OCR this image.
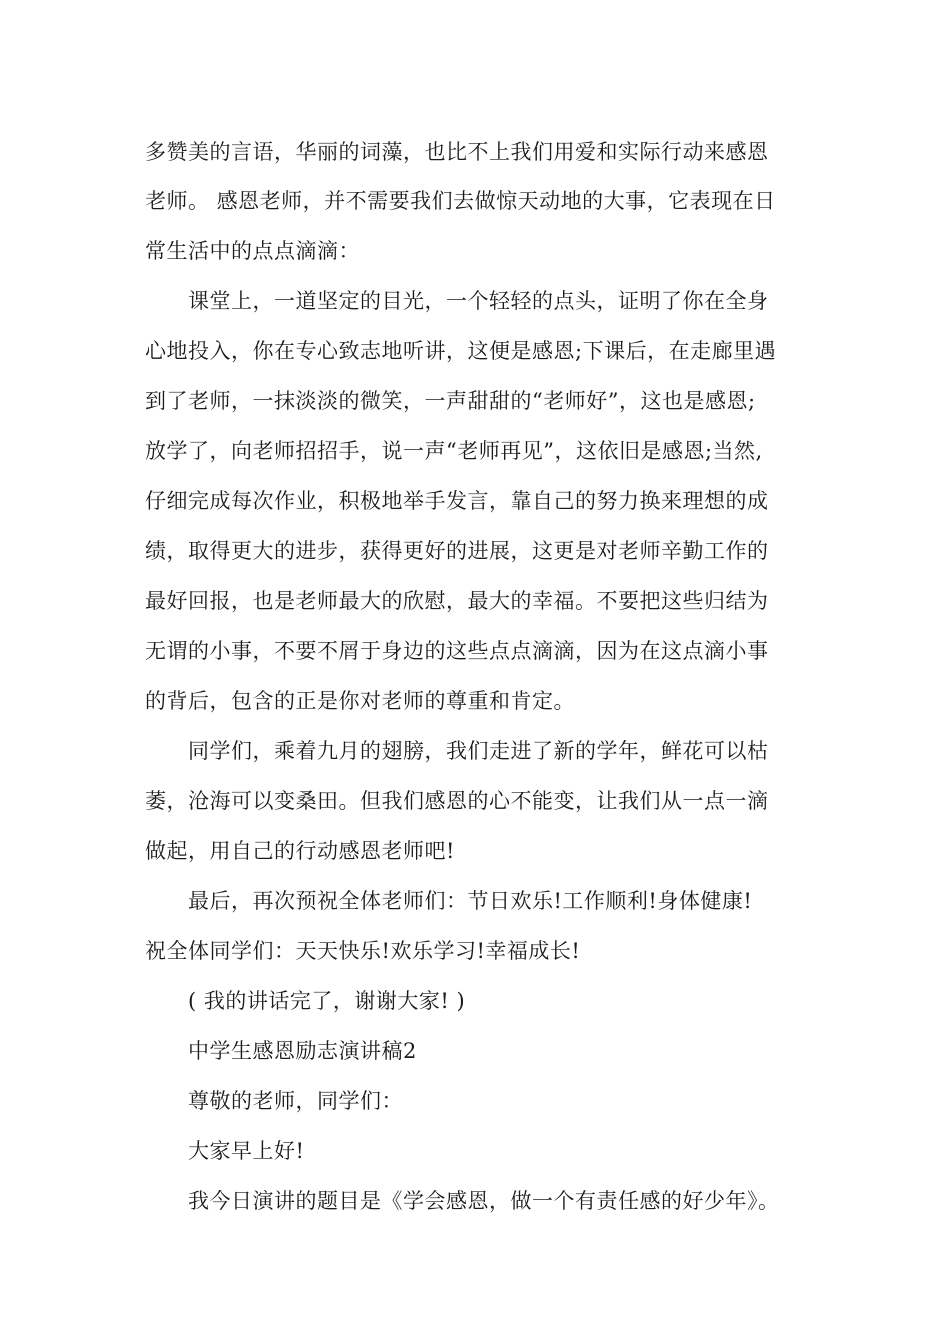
多赞美的言语，华丽的词藻，也比不上我们用爱和实际行动来感恩
老师。 感恩老师，并不需要我们去做惊天动地的大事，它表现在日
常生活中的点点滴滴：
课堂上，一道坚定的目光，一个轻轻的点头，证明了你在全身
心地投入，你在专心致志地听讲，这便是感恩;下课后，在走廊里遇
到了老师，一抹淡淡的微笑，一声甜甜的“老师好”，这也是感恩;
放学了，向老师招招手，说一声“老师再见”，这依旧是感恩;当然,
仔细完成每次作业，积极地举手发言，靠自己的努力换来理想的成
绩，取得更大的进步，获得更好的进展，这更是对老师辛勤工作的
最好回报，也是老师最大的欣慰，最大的幸福。不要把这些归结为
无谓的小事，不要不屑于身边的这些点点滴滴，因为在这点滴小事
的背后，包含的正是你对老师的尊重和肯定。
同学们，乘着九月的翅膀，我们走进了新的学年，鲜花可以枯
萎，沧海可以变桑田。但我们感恩的心不能变，让我们从一点一滴
做起，用自己的行动感恩老师吧!
最后，再次预祝全体老师们：节日欢乐!工作顺利!身体健康!
祝全体同学们：天天快乐!欢乐学习!幸福成长!
( 我的讲话完了，谢谢大家! )
中学生感恩励志演讲稿2
尊敬的老师，同学们：
大家早上好!
我今日演讲的题目是《学会感恩，做一个有责任感的好少年》。
